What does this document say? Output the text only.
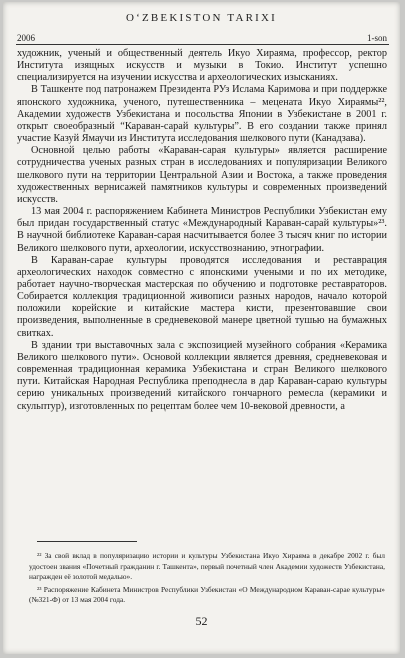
O‘ZBEKISTON TARIXI
2006	1-son

художник, ученый и общественный деятель Икуо Хираяма, профессор, ректор Института изящных искусств и музыки в Токио. Институт успешно специализируется на изучении искусства и археологических изысканиях.

В Ташкенте под патронажем Президента РУз Ислама Каримова и при поддержке японского художника, ученого, путешественника – мецената Икуо Хираямы²², Академии художеств Узбекистана и посольства Японии в Узбекистане в 2001 г. открыт своеобразный “Караван-сарай культуры”. В его создании также принял участие Казуй Ямаучи из Института исследования шелкового пути (Канадзава).

Основной целью работы «Караван-сарая культуры» является расширение сотрудничества ученых разных стран в исследованиях и популяризации Великого шелкового пути на территории Центральной Азии и Востока, а также проведения художественных вернисажей памятников культуры и современных произведений искусств.

13 мая 2004 г. распоряжением Кабинета Министров Республики Узбекистан ему был придан государственный статус «Международный Караван-сарай культуры»²³. В научной библиотеке Караван-сарая насчитывается более 3 тысяч книг по истории Великого шелкового пути, археологии, искусствознанию, этнографии.

В Караван-сарае культуры проводятся исследования и реставрация археологических находок совместно с японскими учеными и по их методике, работает научно-творческая мастерская по обучению и подготовке реставраторов. Собирается коллекция традиционной живописи разных народов, начало которой положили корейские и китайские мастера кисти, презентовавшие свои произведения, выполненные в средневековой манере цветной тушью на бумажных свитках.

В здании три выставочных зала с экспозицией музейного собрания «Керамика Великого шелкового пути». Основой коллекции является древняя, средневековая и современная традиционная керамика Узбекистана и стран Великого шелкового пути. Китайская Народная Республика преподнесла в дар Караван-сараю культуры серию уникальных произведений китайского гончарного ремесла (керамики и скульптур), изготовленных по рецептам более чем 10-вековой древности, а

²² За свой вклад в популяризацию истории и культуры Узбекистана Икуо Хираяма в декабре 2002 г. был удостоен звания «Почетный гражданин г. Ташкента», первый почетный член Академии художеств Узбекистана, награжден её золотой медалью».

²³ Распоряжение Кабинета Министров Республики Узбекистан «О Международном Караван-сарае культуры» (№321-Ф) от 13 мая 2004 года.

52
